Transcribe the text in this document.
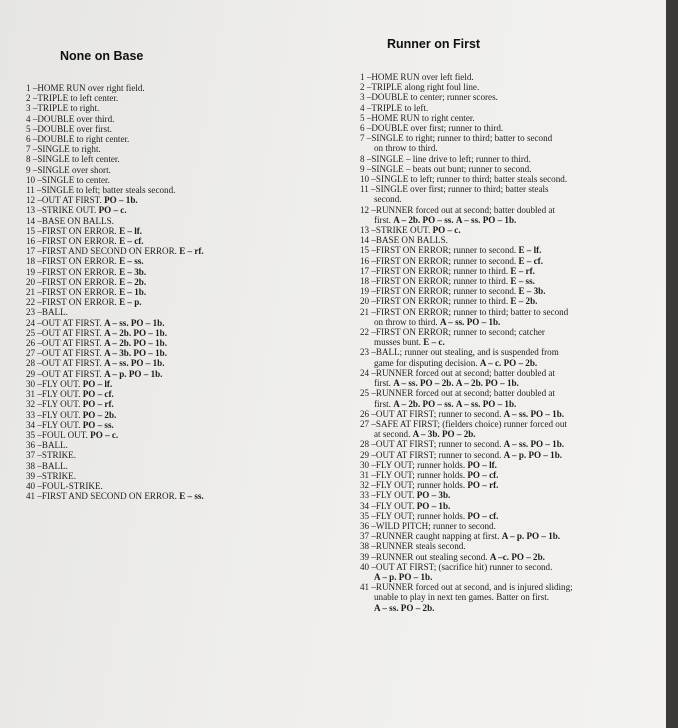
None on Base
1 –HOME RUN over right field.
2 –TRIPLE to left center.
3 –TRIPLE to right.
4 –DOUBLE over third.
5 –DOUBLE over first.
6 –DOUBLE to right center.
7 –SINGLE to right.
8 –SINGLE to left center.
9 –SINGLE over short.
10 –SINGLE to center.
11 –SINGLE to left; batter steals second.
12 –OUT AT FIRST. PO – 1b.
13 –STRIKE OUT. PO – c.
14 –BASE ON BALLS.
15 –FIRST ON ERROR. E – lf.
16 –FIRST ON ERROR. E – cf.
17 –FIRST AND SECOND ON ERROR. E – rf.
18 –FIRST ON ERROR. E – ss.
19 –FIRST ON ERROR. E – 3b.
20 –FIRST ON ERROR. E – 2b.
21 –FIRST ON ERROR. E – 1b.
22 –FIRST ON ERROR. E – p.
23 –BALL.
24 –OUT AT FIRST. A – ss. PO – 1b.
25 –OUT AT FIRST. A – 2b. PO – 1b.
26 –OUT AT FIRST. A – 2b. PO – 1b.
27 –OUT AT FIRST. A – 3b. PO – 1b.
28 –OUT AT FIRST. A – ss. PO – 1b.
29 –OUT AT FIRST. A – p. PO – 1b.
30 –FLY OUT. PO – lf.
31 –FLY OUT. PO – cf.
32 –FLY OUT. PO – rf.
33 –FLY OUT. PO – 2b.
34 –FLY OUT. PO – ss.
35 –FOUL OUT. PO – c.
36 –BALL.
37 –STRIKE.
38 –BALL.
39 –STRIKE.
40 –FOUL-STRIKE.
41 –FIRST AND SECOND ON ERROR. E – ss.
Runner on First
1 –HOME RUN over left field.
2 –TRIPLE along right foul line.
3 –DOUBLE to center; runner scores.
4 –TRIPLE to left.
5 –HOME RUN to right center.
6 –DOUBLE over first; runner to third.
7 –SINGLE to right; runner to third; batter to second
on throw to third.
8 –SINGLE – line drive to left; runner to third.
9 –SINGLE – beats out bunt; runner to second.
10 –SINGLE to left; runner to third; batter steals second.
11 –SINGLE over first; runner to third; batter steals
second.
12 –RUNNER forced out at second; batter doubled at
first. A – 2b. PO – ss. A – ss. PO – 1b.
13 –STRIKE OUT. PO – c.
14 –BASE ON BALLS.
15 –FIRST ON ERROR; runner to second. E – lf.
16 –FIRST ON ERROR; runner to second. E – cf.
17 –FIRST ON ERROR; runner to third. E – rf.
18 –FIRST ON ERROR; runner to third. E – ss.
19 –FIRST ON ERROR; runner to second. E – 3b.
20 –FIRST ON ERROR; runner to third. E – 2b.
21 –FIRST ON ERROR; runner to third; batter to second
on throw to third. A – ss. PO – 1b.
22 –FIRST ON ERROR; runner to second; catcher
musses bunt. E – c.
23 –BALL; runner out stealing, and is suspended from
game for disputing decision. A – c. PO – 2b.
24 –RUNNER forced out at second; batter doubled at
first. A – ss. PO – 2b. A – 2b. PO – 1b.
25 –RUNNER forced out at second; batter doubled at
first. A – 2b. PO – ss. A – ss. PO – 1b.
26 –OUT AT FIRST; runner to second. A – ss. PO – 1b.
27 –SAFE AT FIRST; (fielders choice) runner forced out
at second. A – 3b. PO – 2b.
28 –OUT AT FIRST; runner to second. A – ss. PO – 1b.
29 –OUT AT FIRST; runner to second. A – p. PO – 1b.
30 –FLY OUT; runner holds. PO – lf.
31 –FLY OUT; runner holds. PO – cf.
32 –FLY OUT; runner holds. PO – rf.
33 –FLY OUT. PO – 3b.
34 –FLY OUT. PO – 1b.
35 –FLY OUT; runner holds. PO – cf.
36 –WILD PITCH; runner to second.
37 –RUNNER caught napping at first. A – p. PO – 1b.
38 –RUNNER steals second.
39 –RUNNER out stealing second. A –c. PO – 2b.
40 –OUT AT FIRST; (sacrifice hit) runner to second.
A – p. PO – 1b.
41 –RUNNER forced out at second, and is injured sliding;
unable to play in next ten games. Batter on first.
A – ss. PO – 2b.
